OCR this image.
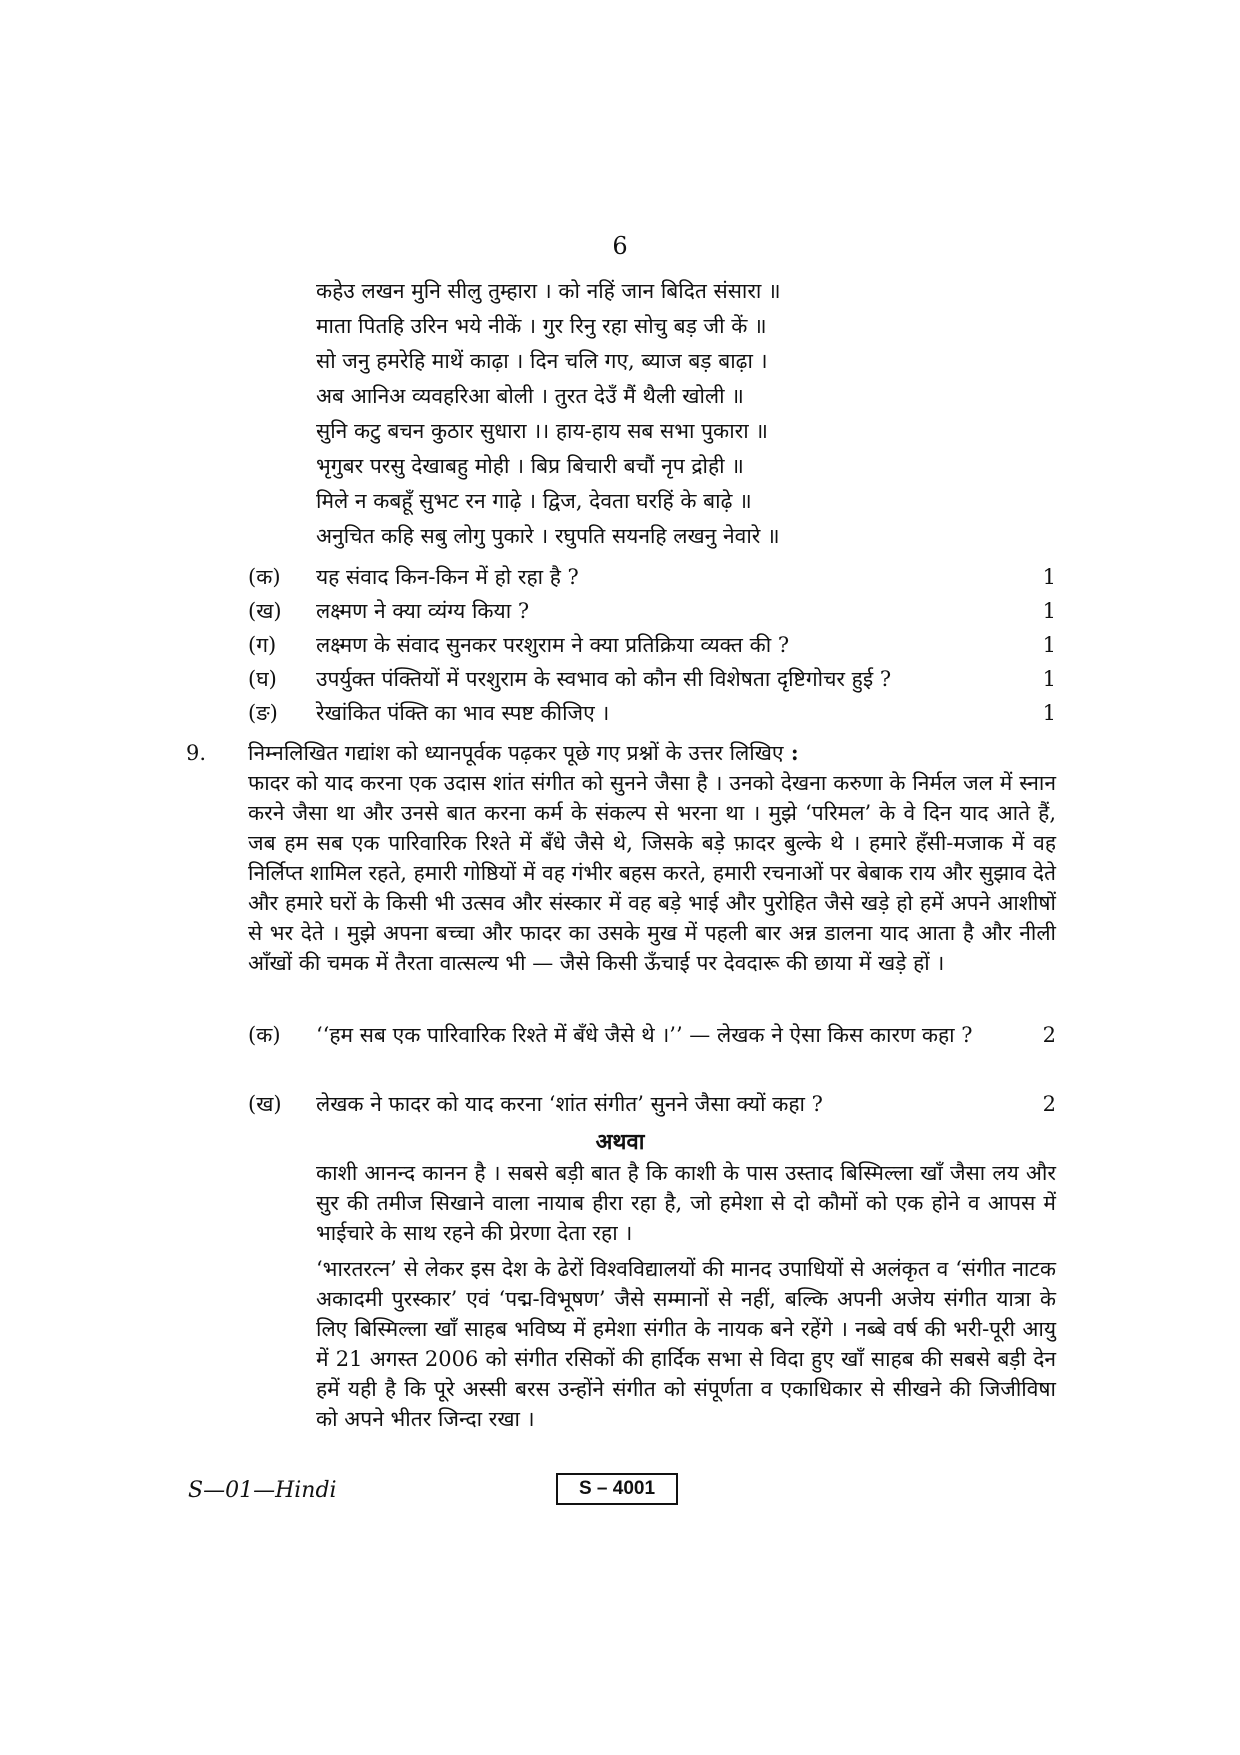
6
कहेउ लखन मुनि सीलु तुम्हारा । को नहिं जान बिदित संसारा ॥
माता पितहि उरिन भये नीकें । गुर रिनु रहा सोचु बड़ जी कें ॥
सो जनु हमरेहि माथें काढ़ा । दिन चलि गए, ब्याज बड़ बाढ़ा ।
अब आनिअ व्यवहरिआ बोली । तुरत देउँ मैं थैली खोली ॥
सुनि कटु बचन कुठार सुधारा ।। हाय-हाय सब सभा पुकारा ॥
भृगुबर परसु देखाबहु मोही । बिप्र बिचारी बचौं नृप द्रोही ॥
मिले न कबहूँ सुभट रन गाढ़े । द्विज, देवता घरहिं के बाढ़े ॥
अनुचित कहि सबु लोगु पुकारे । रघुपति सयनहि लखनु नेवारे ॥
(क) यह संवाद किन-किन में हो रहा है ?	1
(ख) लक्ष्मण ने क्या व्यंग्य किया ?	1
(ग) लक्ष्मण के संवाद सुनकर परशुराम ने क्या प्रतिक्रिया व्यक्त की ?	1
(घ) उपर्युक्त पंक्तियों में परशुराम के स्वभाव को कौन सी विशेषता दृष्टिगोचर हुई ?	1
(ङ) रेखांकित पंक्ति का भाव स्पष्ट कीजिए ।	1
9. निम्नलिखित गद्यांश को ध्यानपूर्वक पढ़कर पूछे गए प्रश्नों के उत्तर लिखिए :

फादर को याद करना एक उदास शांत संगीत को सुनने जैसा है । उनको देखना करुणा के निर्मल जल में स्नान करने जैसा था और उनसे बात करना कर्म के संकल्प से भरना था । मुझे ‘परिमल’ के वे दिन याद आते हैं, जब हम सब एक पारिवारिक रिश्ते में बँधे जैसे थे, जिसके बड़े फ़ादर बुल्के थे । हमारे हँसी-मजाक में वह निर्लिप्त शामिल रहते, हमारी गोष्ठियों में वह गंभीर बहस करते, हमारी रचनाओं पर बेबाक राय और सुझाव देते और हमारे घरों के किसी भी उत्सव और संस्कार में वह बड़े भाई और पुरोहित जैसे खड़े हो हमें अपने आशीषों से भर देते । मुझे अपना बच्चा और फादर का उसके मुख में पहली बार अन्न डालना याद आता है और नीली आँखों की चमक में तैरता वात्सल्य भी — जैसे किसी ऊँचाई पर देवदारू की छाया में खड़े हों ।

(क) ‘‘हम सब एक पारिवारिक रिश्ते में बँधे जैसे थे ।’’ — लेखक ने ऐसा किस कारण कहा ?	2
(ख) लेखक ने फादर को याद करना ‘शांत संगीत’ सुनने जैसा क्यों कहा ?	2
अथवा

काशी आनन्द कानन है । सबसे बड़ी बात है कि काशी के पास उस्ताद बिस्मिल्ला खाँ जैसा लय और सुर की तमीज सिखाने वाला नायाब हीरा रहा है, जो हमेशा से दो कौमों को एक होने व आपस में भाईचारे के साथ रहने की प्रेरणा देता रहा ।

‘भारतरत्न’ से लेकर इस देश के ढेरों विश्वविद्यालयों की मानद उपाधियों से अलंकृत व ‘संगीत नाटक अकादमी पुरस्कार’ एवं ‘पद्म-विभूषण’ जैसे सम्मानों से नहीं, बल्कि अपनी अजेय संगीत यात्रा के लिए बिस्मिल्ला खाँ साहब भविष्य में हमेशा संगीत के नायक बने रहेंगे । नब्बे वर्ष की भरी-पूरी आयु में 21 अगस्त 2006 को संगीत रसिकों की हार्दिक सभा से विदा हुए खाँ साहब की सबसे बड़ी देन हमें यही है कि पूरे अस्सी बरस उन्होंने संगीत को संपूर्णता व एकाधिकार से सीखने की जिजीविषा को अपने भीतर जिन्दा रखा ।

S—01—Hindi	S – 4001
